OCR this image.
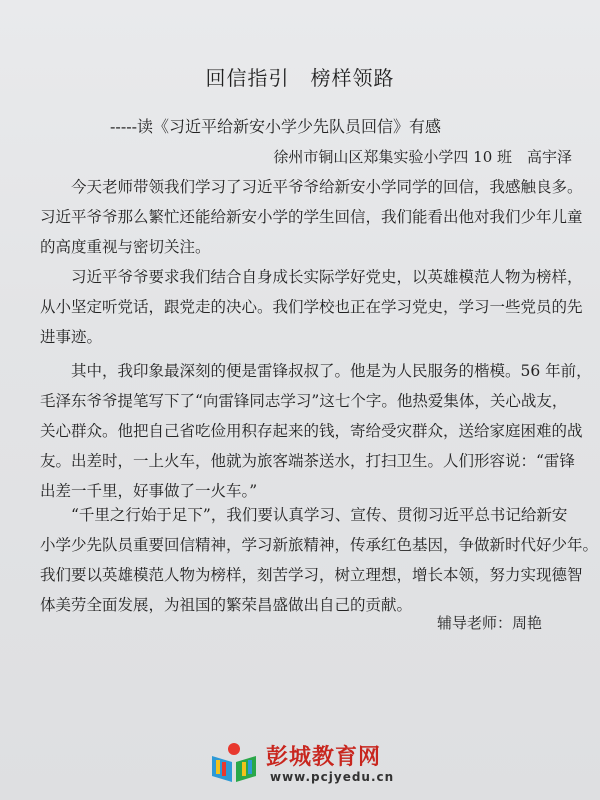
回信指引　榜样领路
-----读《习近平给新安小学少先队员回信》有感
徐州市铜山区郑集实验小学四 10 班　高宇泽
　　今天老师带领我们学习了习近平爷爷给新安小学同学的回信，我感触良多。
习近平爷爷那么繁忙还能给新安小学的学生回信，我们能看出他对我们少年儿童
的高度重视与密切关注。
　　习近平爷爷要求我们结合自身成长实际学好党史，以英雄模范人物为榜样，
从小坚定听党话，跟党走的决心。我们学校也正在学习党史，学习一些党员的先
进事迹。
　　其中，我印象最深刻的便是雷锋叔叔了。他是为人民服务的楷模。56 年前，
毛泽东爷爷提笔写下了“向雷锋同志学习”这七个字。他热爱集体，关心战友，
关心群众。他把自己省吃俭用积存起来的钱，寄给受灾群众，送给家庭困难的战
友。出差时，一上火车，他就为旅客端茶送水，打扫卫生。人们形容说：“雷锋
出差一千里，好事做了一火车。”
　　“千里之行始于足下”，我们要认真学习、宣传、贯彻习近平总书记给新安
小学少先队员重要回信精神，学习新旅精神，传承红色基因，争做新时代好少年。
我们要以英雄模范人物为榜样，刻苦学习，树立理想，增长本领，努力实现德智
体美劳全面发展，为祖国的繁荣昌盛做出自己的贡献。
辅导老师：周艳
彭城教育网
www.pcjyedu.cn
